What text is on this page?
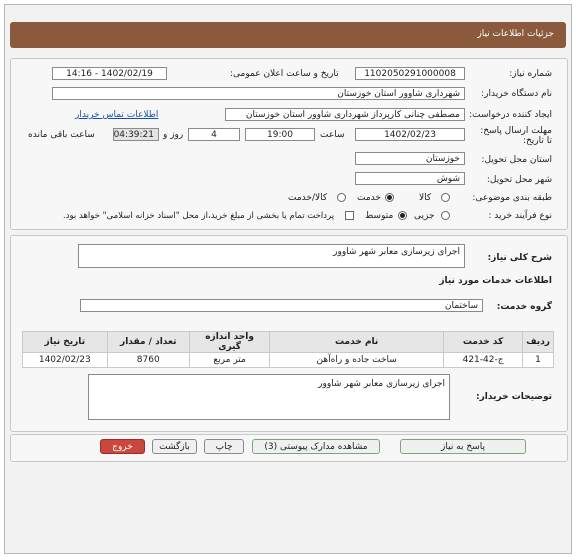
جزئیات اطلاعات نیاز
شماره نیاز:
1102050291000008
تاریخ و ساعت اعلان عمومی:
1402/02/19 - 14:16
نام دستگاه خریدار:
شهرداری شاوور استان خوزستان
ایجاد کننده درخواست:
مصطفی چنانی کارپرداز شهرداری شاوور استان خوزستان
اطلاعات تماس خریدار
مهلت ارسال پاسخ: تا تاریخ:
1402/02/23
ساعت
19:00
4
روز و
04:39:21
ساعت باقی مانده
استان محل تحویل:
خوزستان
شهر محل تحویل:
شوش
طبقه بندی موضوعی:
کالا
خدمت
کالا/خدمت
نوع فرآیند خرید :
جزیی
متوسط
پرداخت تمام یا بخشی از مبلغ خرید،از محل "اسناد خزانه اسلامی" خواهد بود.
شرح کلی نیاز:
اجرای زیرسازی معابر شهر شاوور
اطلاعات خدمات مورد نیاز
گروه خدمت:
ساختمان
ردیف	کد خدمت	نام خدمت	واحد اندازه گیری	تعداد / مقدار	تاریخ نیاز
1	ج-42-421	ساخت جاده و راه‌آهن	متر مربع	8760	1402/02/23
توضیحات خریدار:
اجرای زیرسازی معابر شهر شاوور
پاسخ به نیاز
مشاهده مدارک پیوستی (3)
چاپ
بازگشت
خروج
